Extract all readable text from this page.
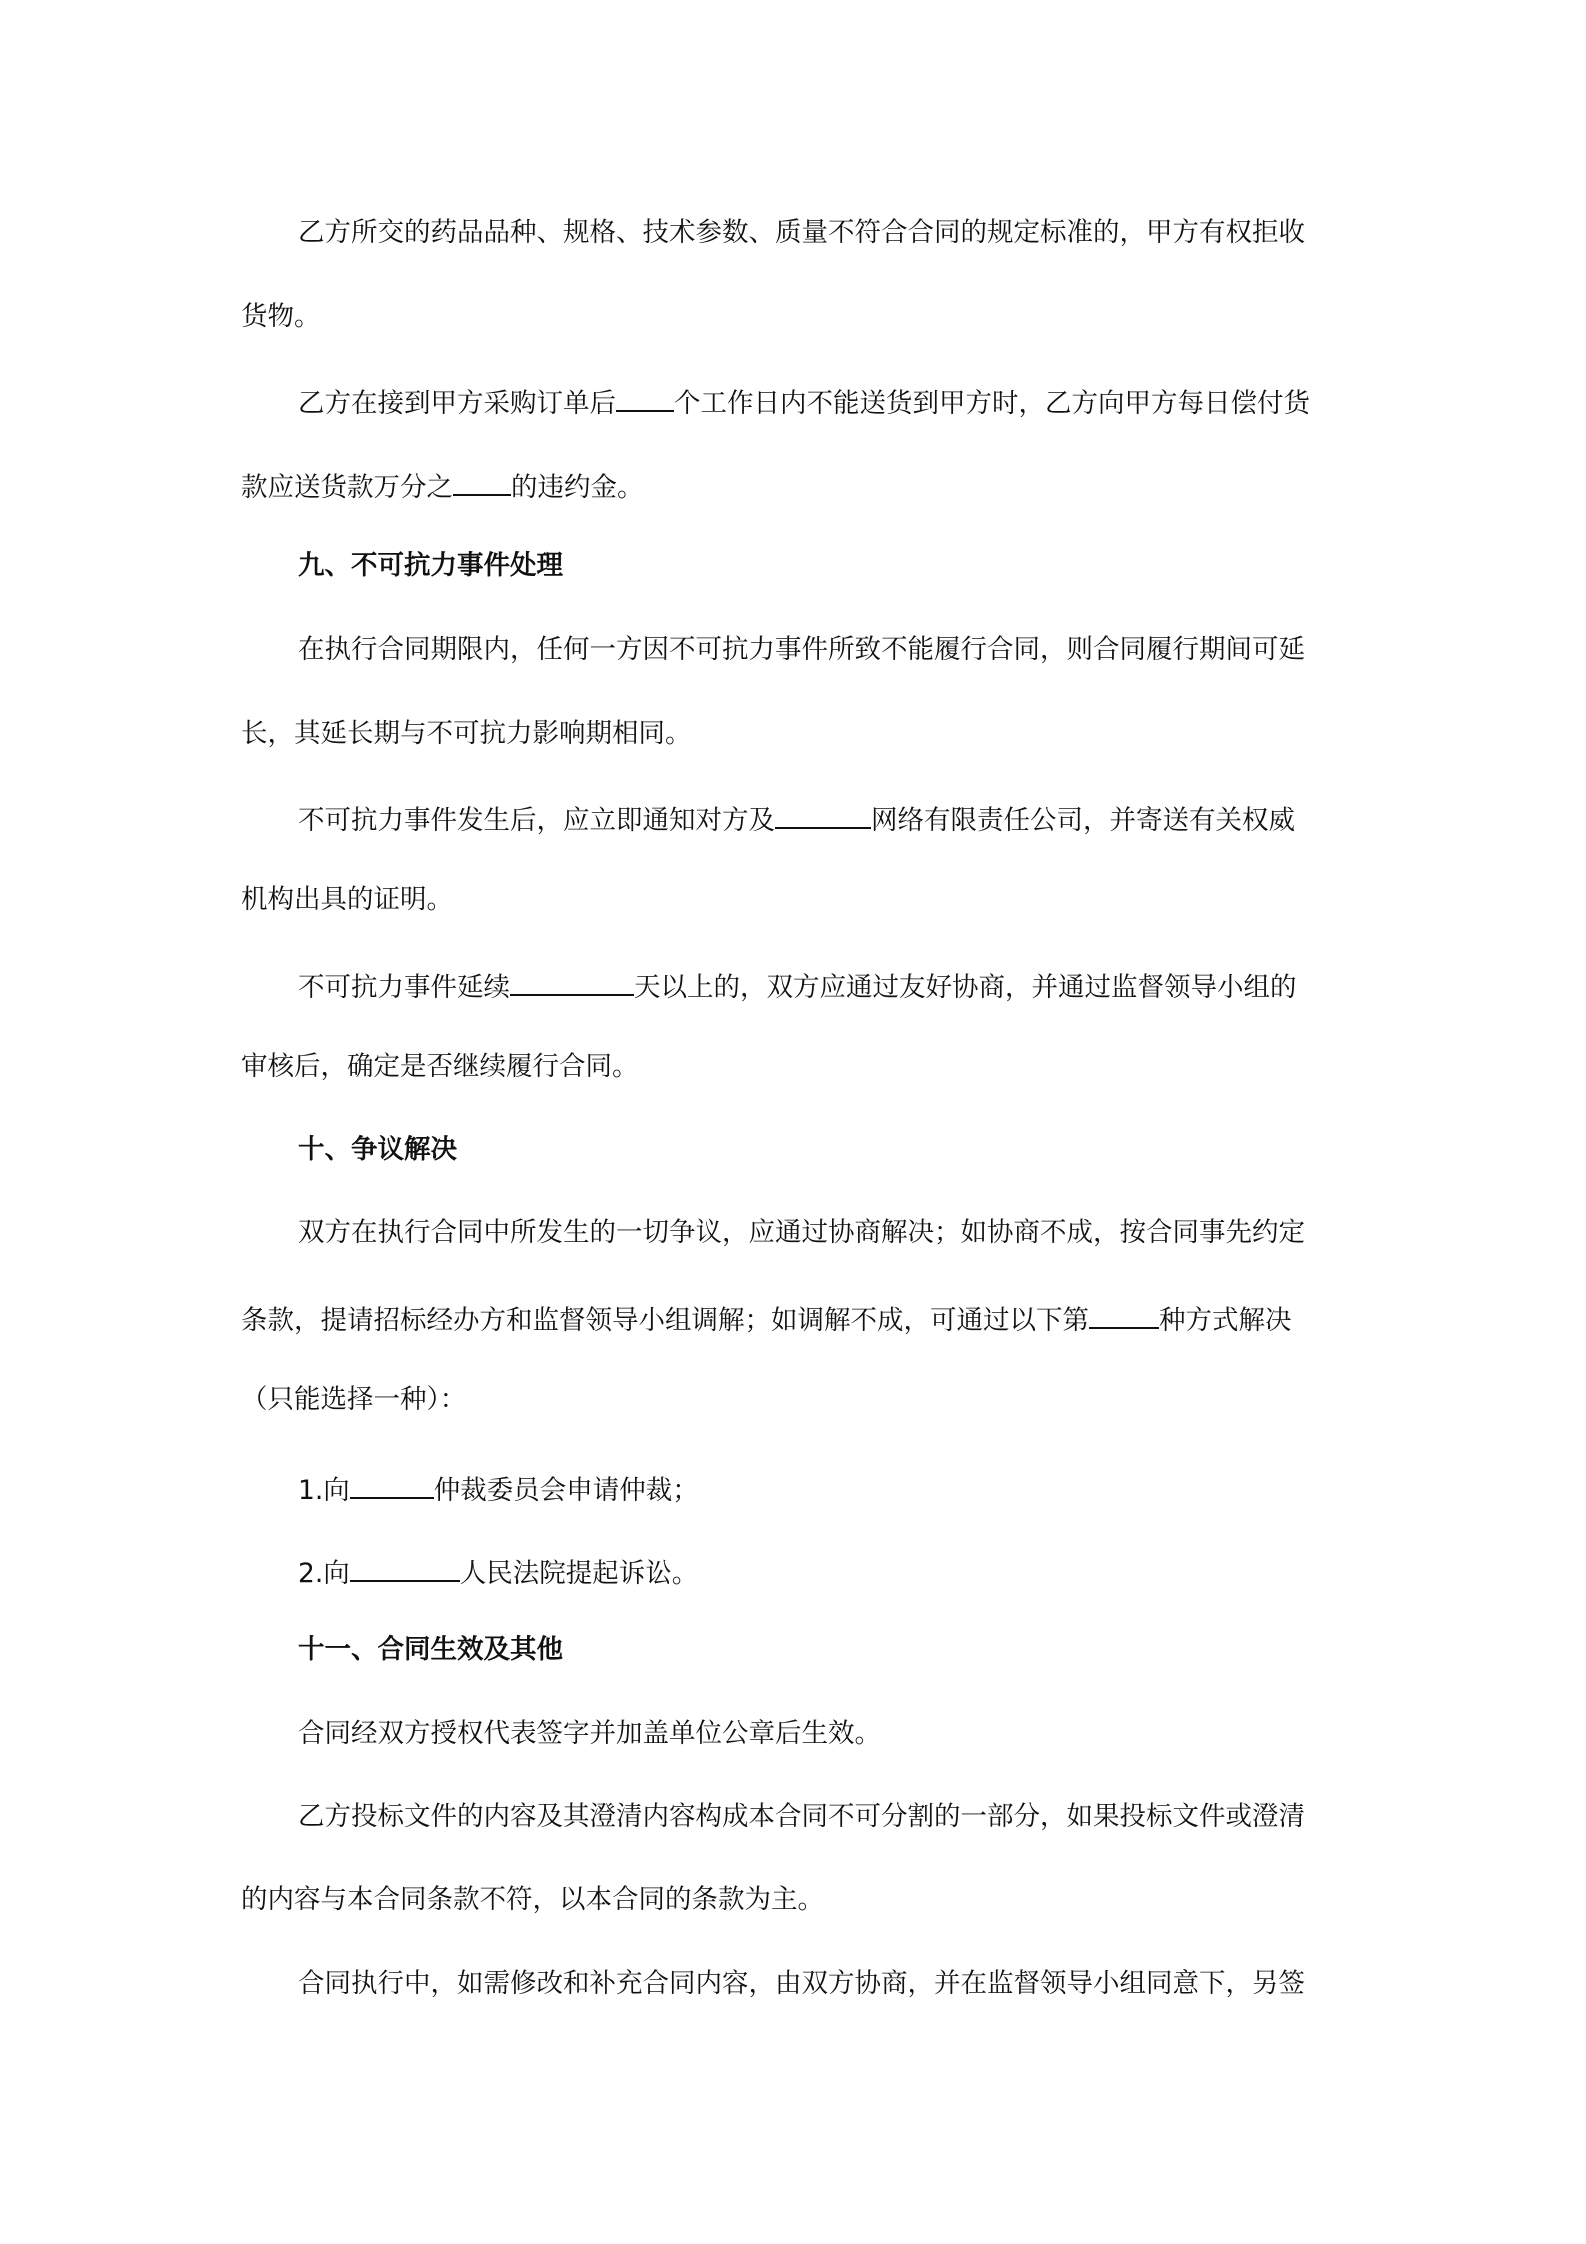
乙方所交的药品品种、规格、技术参数、质量不符合合同的规定标准的，甲方有权拒收

货物。

乙方在接到甲方采购订单后 个工作日内不能送货到甲方时，乙方向甲方每日偿付货

款应送货款万分之 的违约金。

九、不可抗力事件处理

在执行合同期限内，任何一方因不可抗力事件所致不能履行合同，则合同履行期间可延

长，其延长期与不可抗力影响期相同。

不可抗力事件发生后，应立即通知对方及	网络有限责任公司，并寄送有关权威

机构出具的证明。

不可抗力事件延续	天以上的，双方应通过友好协商，并通过监督领导小组的

审核后，确定是否继续履行合同。

十、争议解决

双方在执行合同中所发生的一切争议，应通过协商解决；如协商不成，按合同事先约定

条款，提请招标经办方和监督领导小组调解；如调解不成，可通过以下第	种方式解决

（只能选择一种）：

1.向	仲裁委员会申请仲裁；

2.向	人民法院提起诉讼。

十一、合同生效及其他

合同经双方授权代表签字并加盖单位公章后生效。

乙方投标文件的内容及其澄清内容构成本合同不可分割的一部分，如果投标文件或澄清

的内容与本合同条款不符，以本合同的条款为主。

合同执行中，如需修改和补充合同内容，由双方协商，并在监督领导小组同意下，另签
